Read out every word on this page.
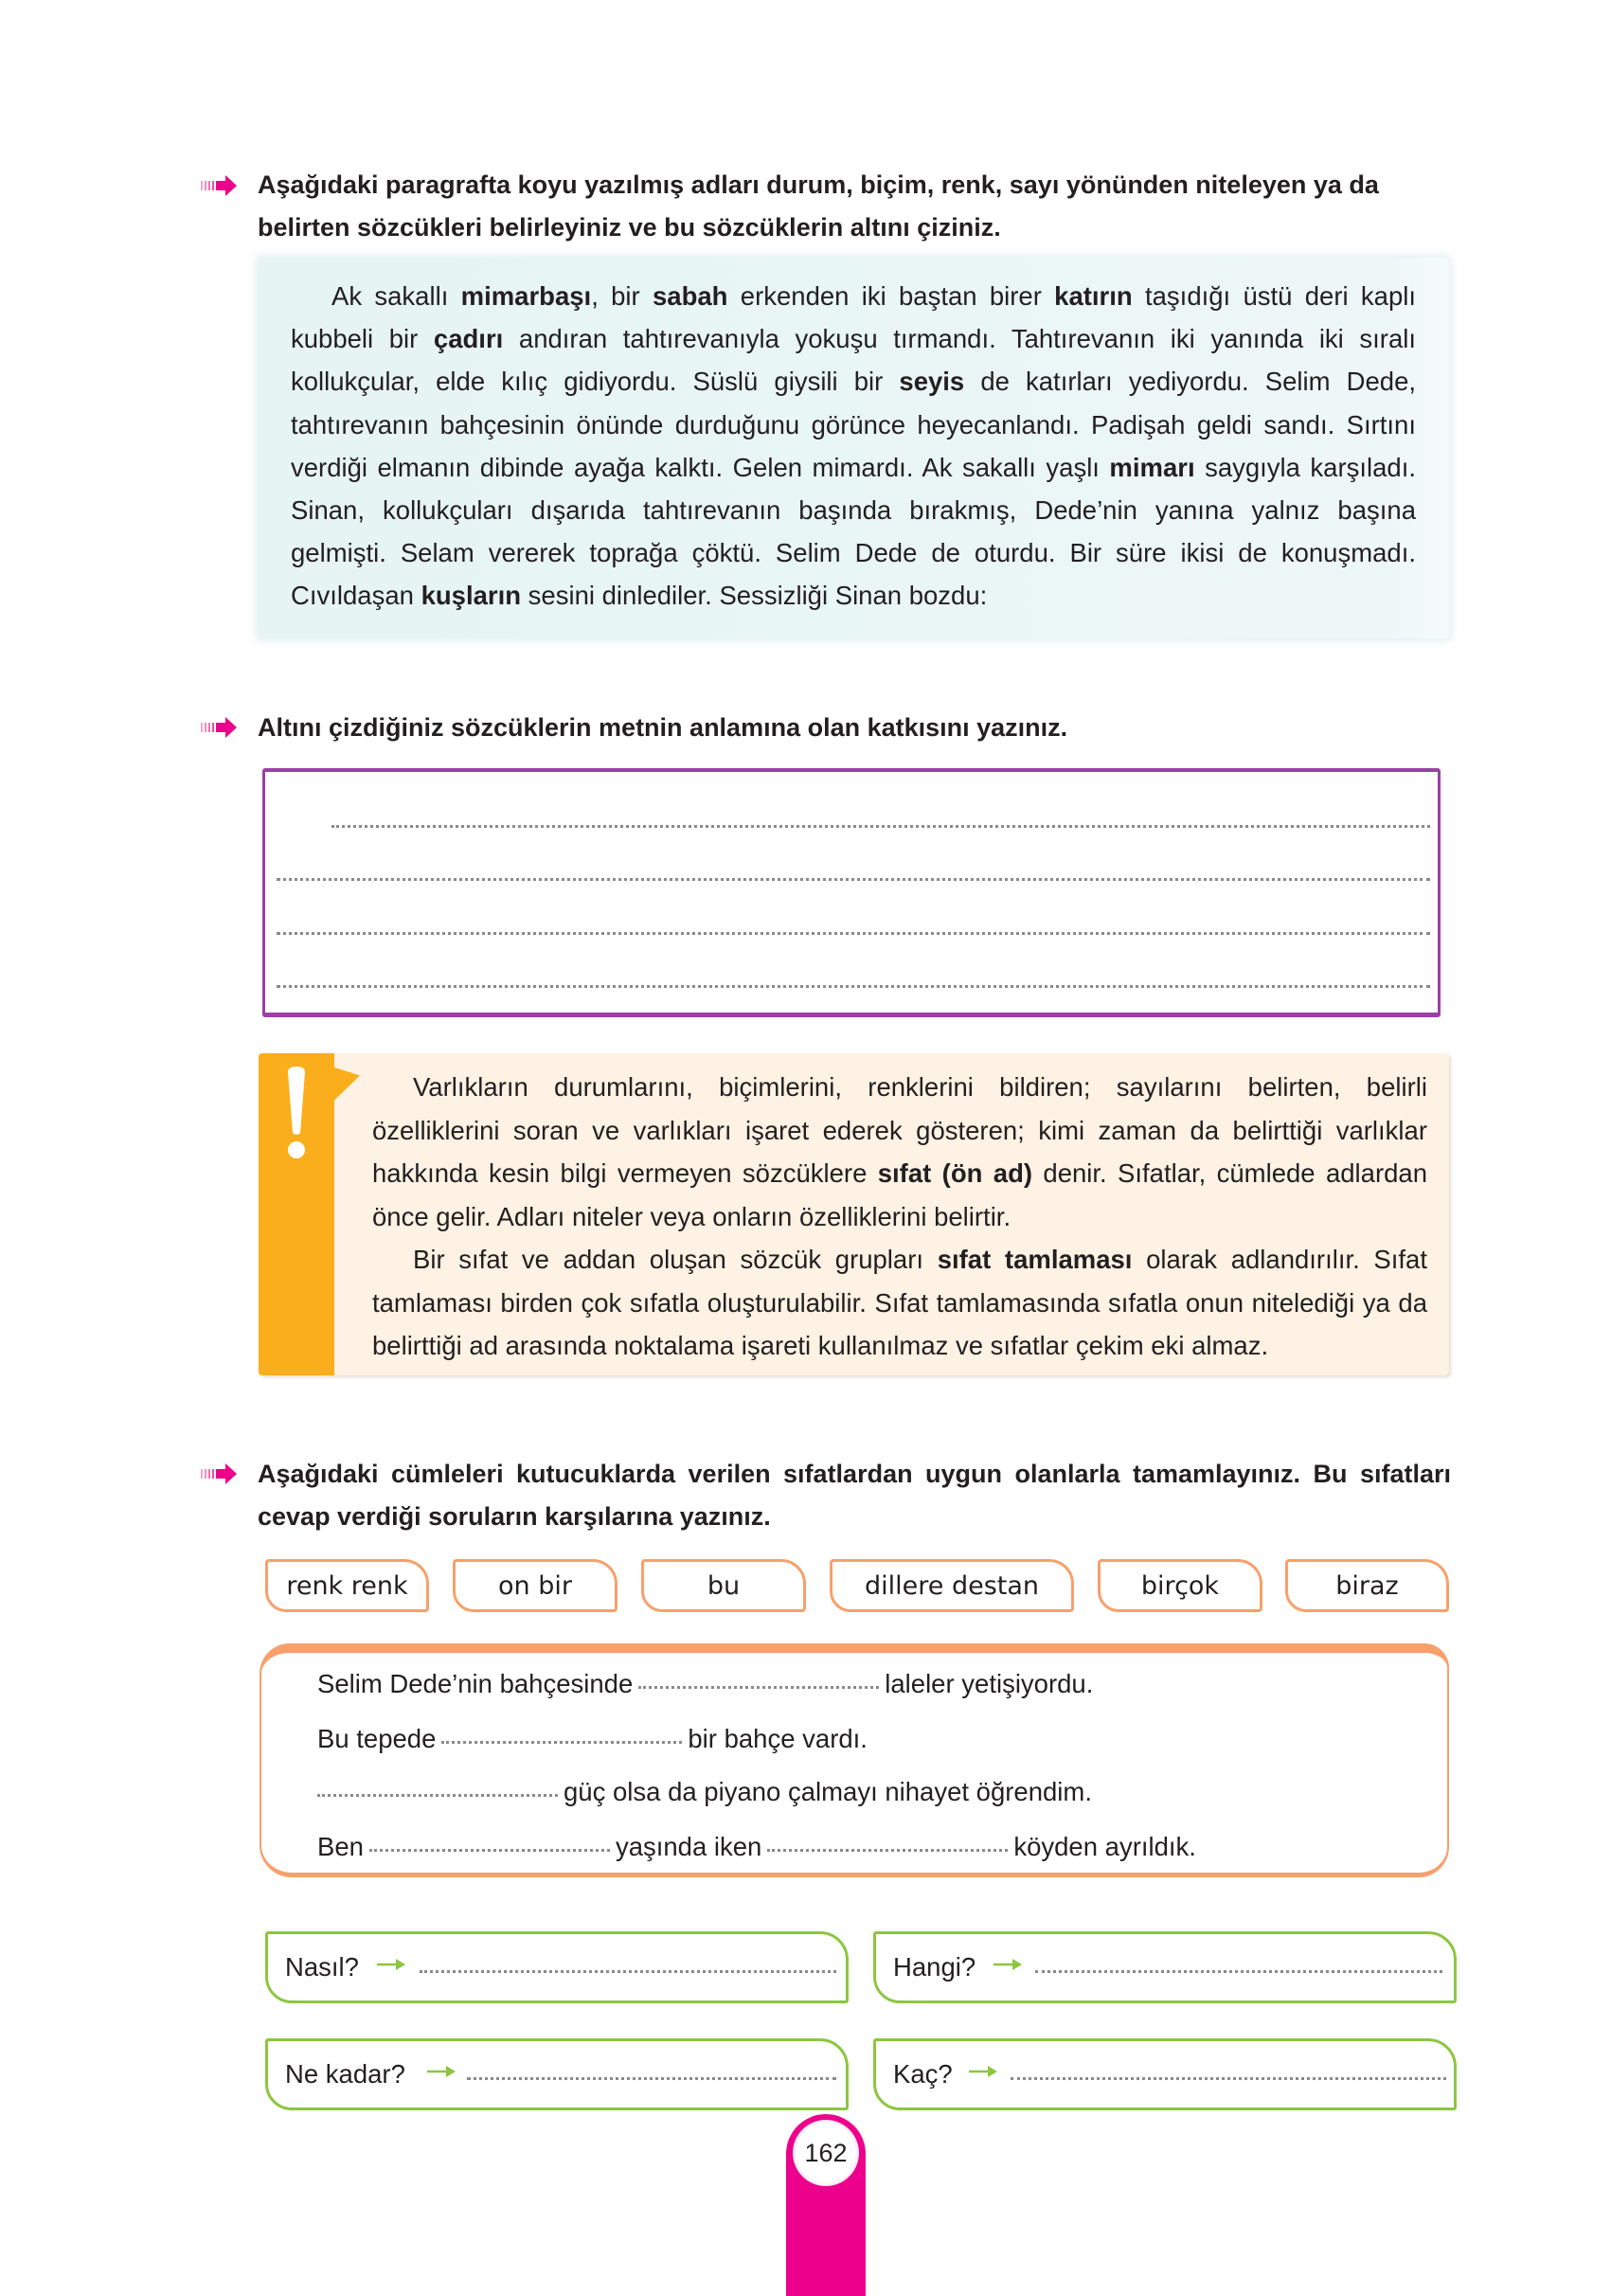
Aşağıdaki paragrafta koyu yazılmış adları durum, biçim, renk, sayı yönünden niteleyen ya da belirten sözcükleri belirleyiniz ve bu sözcüklerin altını çiziniz.

Ak sakallı mimarbaşı, bir sabah erkenden iki baştan birer katırın taşıdığı üstü deri kaplı kubbeli bir çadırı andıran tahtırevanıyla yokuşu tırmandı. Tahtırevanın iki yanında iki sıralı kollukçular, elde kılıç gidiyordu. Süslü giysili bir seyis de katırları yediyordu. Selim Dede, tahtırevanın bahçesinin önünde durduğunu görünce heyecanlandı. Padişah geldi sandı. Sırtını verdiği elmanın dibinde ayağa kalktı. Gelen mimardı. Ak sakallı yaşlı mimarı saygıyla karşıladı. Sinan, kollukçuları dışarıda tahtırevanın başında bırakmış, Dede’nin yanına yalnız başına gelmişti. Selam vererek toprağa çöktü. Selim Dede de oturdu. Bir süre ikisi de konuşmadı. Cıvıldaşan kuşların sesini dinlediler. Sessizliği Sinan bozdu:

Altını çizdiğiniz sözcüklerin metnin anlamına olan katkısını yazınız.

Varlıkların durumlarını, biçimlerini, renklerini bildiren; sayılarını belirten, belirli özelliklerini soran ve varlıkları işaret ederek gösteren; kimi zaman da belirttiği varlıklar hakkında kesin bilgi vermeyen sözcüklere sıfat (ön ad) denir. Sıfatlar, cümlede adlardan önce gelir. Adları niteler veya onların özelliklerini belirtir.

Bir sıfat ve addan oluşan sözcük grupları sıfat tamlaması olarak adlandırılır. Sıfat tamlaması birden çok sıfatla oluşturulabilir. Sıfat tamlamasında sıfatla onun nitelediği ya da belirttiği ad arasında noktalama işareti kullanılmaz ve sıfatlar çekim eki almaz.

Aşağıdaki cümleleri kutucuklarda verilen sıfatlardan uygun olanlarla tamamlayınız. Bu sıfatları cevap verdiği soruların karşılarına yazınız.
renk renk	on bir	bu	dillere destan	birçok	biraz
Selim Dede’nin bahçesinde	laleler yetişiyordu.
Bu tepede	bir bahçe vardı.
güç olsa da piyano çalmayı nihayet öğrendim.
Ben	yaşında iken	köyden ayrıldık.
Nasıl?	Hangi?
Ne kadar?	Kaç?
162
